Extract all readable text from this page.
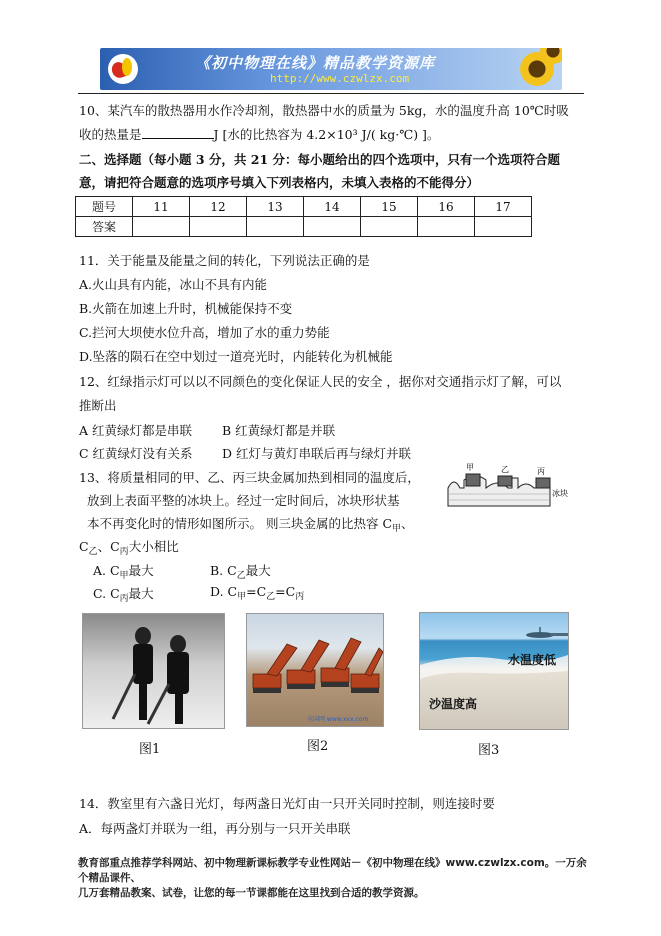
《初中物理在线》精品教学资源库
http://www.czwlzx.com
10、某汽车的散热器用水作冷却剂，散热器中水的质量为 5kg，水的温度升高 10℃时吸
收的热量是	J [水的比热容为 4.2×10³ J/( kg·℃) ]。
二、选择题（每小题 3 分，共 21 分：每小题给出的四个选项中，只有一个选项符合题
意，请把符合题意的选项序号填入下列表格内，未填入表格的不能得分）
题号	11	12	13	14	15	16	17
答案							
11．关于能量及能量之间的转化，下列说法正确的是
A.火山具有内能，冰山不具有内能
B.火箭在加速上升时，机械能保持不变
C.拦河大坝使水位升高，增加了水的重力势能
D.坠落的陨石在空中划过一道亮光时，内能转化为机械能
12、红绿指示灯可以以不同颜色的变化保证人民的安全 ，据你对交通指示灯了解，可以
推断出
A 红黄绿灯都是串联 B 红黄绿灯都是并联
C 红黄绿灯没有关系 D 红灯与黄灯串联后再与绿灯并联
13、将质量相同的甲、乙、丙三块金属加热到相同的温度后，
放到上表面平整的冰块上。经过一定时间后，冰块形状基
本不再变化时的情形如图所示。 则三块金属的比热容 $C_甲$、
$C_乙$、$C_丙$大小相比
A. $C_甲$最大	B. $C_乙$最大
C. $C_丙$最大	D. $C_甲=C_乙=C_丙$
甲	乙	丙
冰块
图1
全国网 www.xxx.com
图2
水温度低
沙温度高
图3
14．教室里有六盏日光灯，每两盏日光灯由一只开关同时控制，则连接时要
A．每两盏灯并联为一组，再分别与一只开关串联
教育部重点推荐学科网站、初中物理新课标教学专业性网站－《初中物理在线》www.czwlzx.com。一万余个精品课件、
几万套精品教案、试卷，让您的每一节课都能在这里找到合适的教学资源。
